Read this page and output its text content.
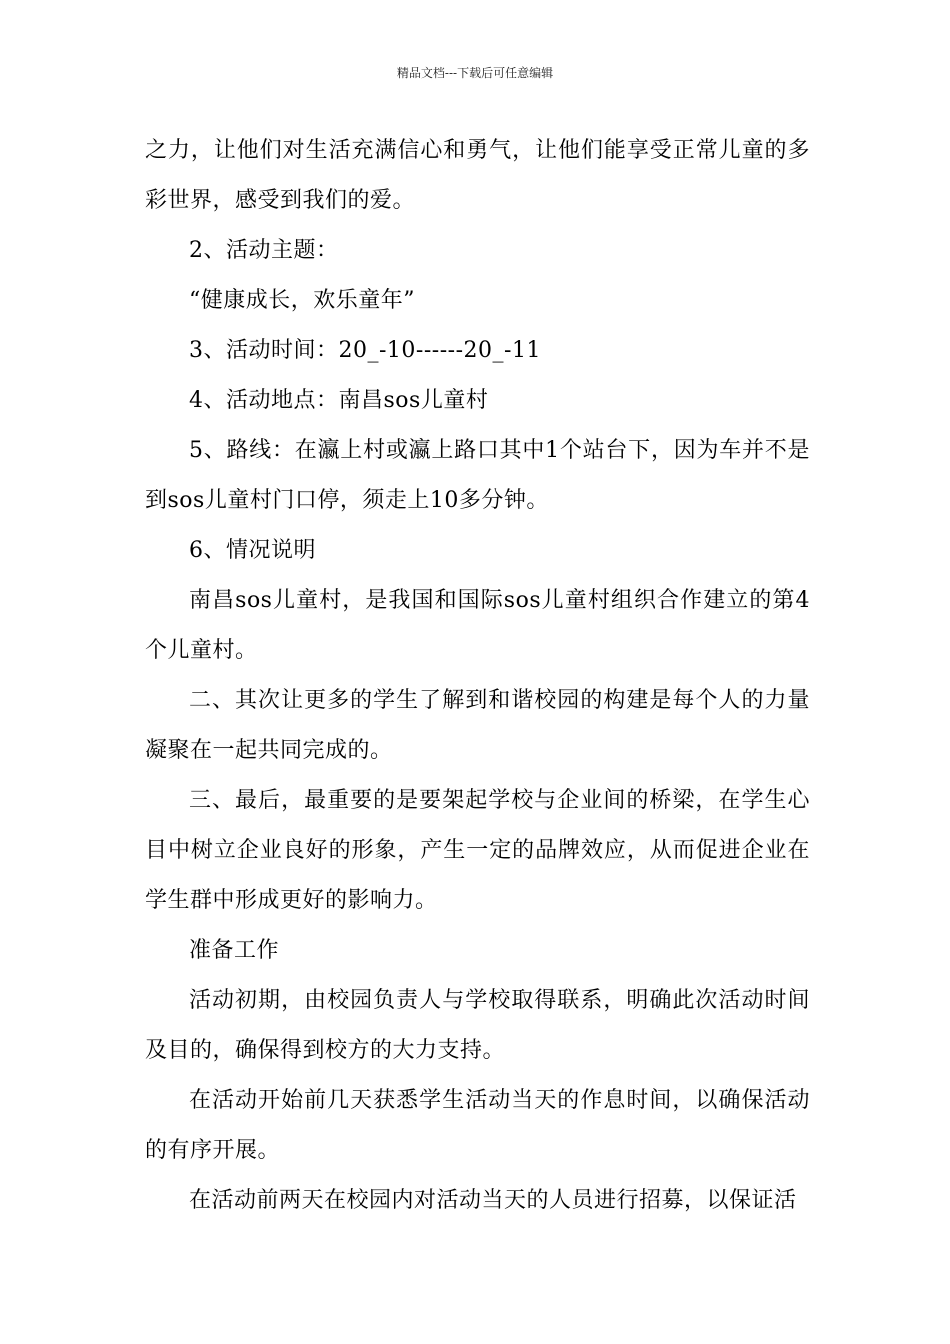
精品文档---下载后可任意编辑

之力，让他们对生活充满信心和勇气，让他们能享受正常儿童的多彩世界，感受到我们的爱。

2、活动主题：

“健康成长，欢乐童年”

3、活动时间：20_-10------20_-11

4、活动地点：南昌sos儿童村

5、路线：在瀛上村或瀛上路口其中1个站台下，因为车并不是到sos儿童村门口停，须走上10多分钟。

6、情况说明

南昌sos儿童村，是我国和国际sos儿童村组织合作建立的第4个儿童村。

二、其次让更多的学生了解到和谐校园的构建是每个人的力量凝聚在一起共同完成的。

三、最后，最重要的是要架起学校与企业间的桥梁，在学生心目中树立企业良好的形象，产生一定的品牌效应，从而促进企业在学生群中形成更好的影响力。

准备工作

活动初期，由校园负责人与学校取得联系，明确此次活动时间及目的，确保得到校方的大力支持。

在活动开始前几天获悉学生活动当天的作息时间，以确保活动的有序开展。

在活动前两天在校园内对活动当天的人员进行招募，以保证活
